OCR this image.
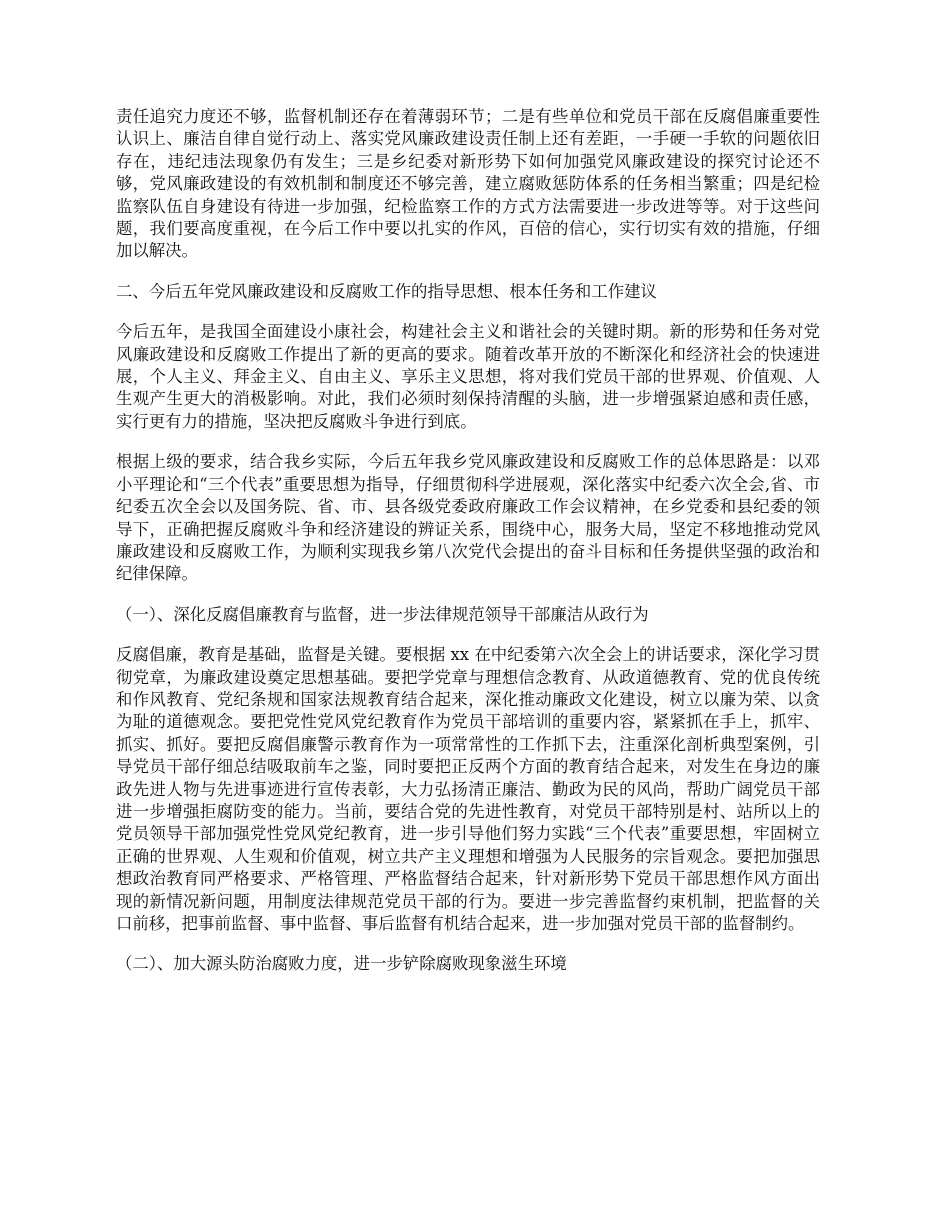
责任追究力度还不够，监督机制还存在着薄弱环节；二是有些单位和党员干部在反腐倡廉重要性认识上、廉洁自律自觉行动上、落实党风廉政建设责任制上还有差距，一手硬一手软的问题依旧存在，违纪违法现象仍有发生；三是乡纪委对新形势下如何加强党风廉政建设的探究讨论还不够，党风廉政建设的有效机制和制度还不够完善，建立腐败惩防体系的任务相当繁重；四是纪检监察队伍自身建设有待进一步加强，纪检监察工作的方式方法需要进一步改进等等。对于这些问题，我们要高度重视，在今后工作中要以扎实的作风，百倍的信心，实行切实有效的措施，仔细加以解决。

二、今后五年党风廉政建设和反腐败工作的指导思想、根本任务和工作建议

今后五年，是我国全面建设小康社会，构建社会主义和谐社会的关键时期。新的形势和任务对党风廉政建设和反腐败工作提出了新的更高的要求。随着改革开放的不断深化和经济社会的快速进展，个人主义、拜金主义、自由主义、享乐主义思想，将对我们党员干部的世界观、价值观、人生观产生更大的消极影响。对此，我们必须时刻保持清醒的头脑，进一步增强紧迫感和责任感，实行更有力的措施，坚决把反腐败斗争进行到底。

根据上级的要求，结合我乡实际，今后五年我乡党风廉政建设和反腐败工作的总体思路是：以邓小平理论和“三个代表”重要思想为指导，仔细贯彻科学进展观，深化落实中纪委六次全会,省、市纪委五次全会以及国务院、省、市、县各级党委政府廉政工作会议精神，在乡党委和县纪委的领导下，正确把握反腐败斗争和经济建设的辨证关系，围绕中心，服务大局，坚定不移地推动党风廉政建设和反腐败工作，为顺利实现我乡第八次党代会提出的奋斗目标和任务提供坚强的政治和纪律保障。

（一）、深化反腐倡廉教育与监督，进一步法律规范领导干部廉洁从政行为

反腐倡廉，教育是基础，监督是关键。要根据 xx 在中纪委第六次全会上的讲话要求，深化学习贯彻党章，为廉政建设奠定思想基础。要把学党章与理想信念教育、从政道德教育、党的优良传统和作风教育、党纪条规和国家法规教育结合起来，深化推动廉政文化建设，树立以廉为荣、以贪为耻的道德观念。要把党性党风党纪教育作为党员干部培训的重要内容，紧紧抓在手上，抓牢、抓实、抓好。要把反腐倡廉警示教育作为一项常常性的工作抓下去，注重深化剖析典型案例，引导党员干部仔细总结吸取前车之鉴，同时要把正反两个方面的教育结合起来，对发生在身边的廉政先进人物与先进事迹进行宣传表彰，大力弘扬清正廉洁、勤政为民的风尚，帮助广阔党员干部进一步增强拒腐防变的能力。当前，要结合党的先进性教育，对党员干部特别是村、站所以上的党员领导干部加强党性党风党纪教育，进一步引导他们努力实践“三个代表”重要思想，牢固树立正确的世界观、人生观和价值观，树立共产主义理想和增强为人民服务的宗旨观念。要把加强思想政治教育同严格要求、严格管理、严格监督结合起来，针对新形势下党员干部思想作风方面出现的新情况新问题，用制度法律规范党员干部的行为。要进一步完善监督约束机制，把监督的关口前移，把事前监督、事中监督、事后监督有机结合起来，进一步加强对党员干部的监督制约。

（二）、加大源头防治腐败力度，进一步铲除腐败现象滋生环境
